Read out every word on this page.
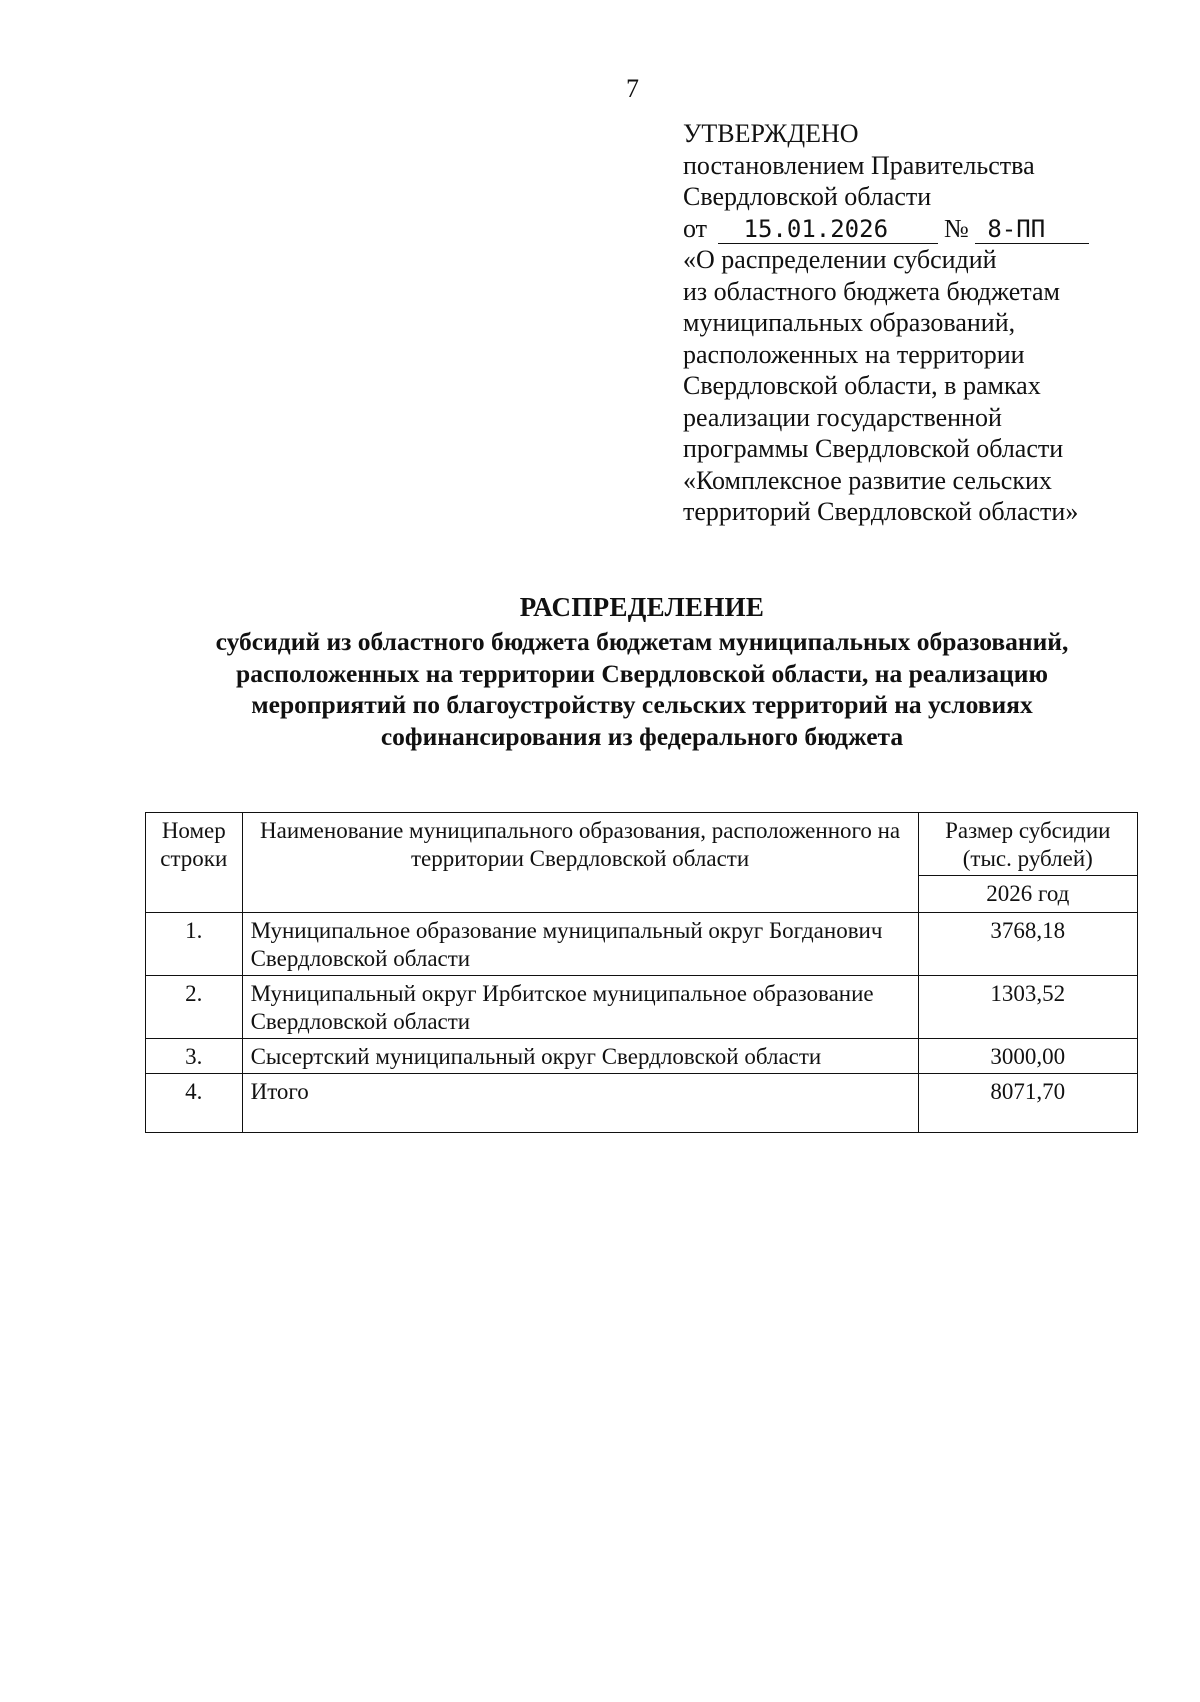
7
УТВЕРЖДЕНО
постановлением Правительства
Свердловской области
от 15.01.2026 № 8-ПП
«О распределении субсидий
из областного бюджета бюджетам
муниципальных образований,
расположенных на территории
Свердловской области, в рамках
реализации государственной
программы Свердловской области
«Комплексное развитие сельских
территорий Свердловской области»
РАСПРЕДЕЛЕНИЕ
субсидий из областного бюджета бюджетам муниципальных образований,
расположенных на территории Свердловской области, на реализацию
мероприятий по благоустройству сельских территорий на условиях
софинансирования из федерального бюджета
Номер строки	Наименование муниципального образования, расположенного на территории Свердловской области	Размер субсидии (тыс. рублей)
		2026 год
1.	Муниципальное образование муниципальный округ Богданович Свердловской области	3768,18
2.	Муниципальный округ Ирбитское муниципальное образование Свердловской области	1303,52
3.	Сысертский муниципальный округ Свердловской области	3000,00
4.	Итого	8071,70
